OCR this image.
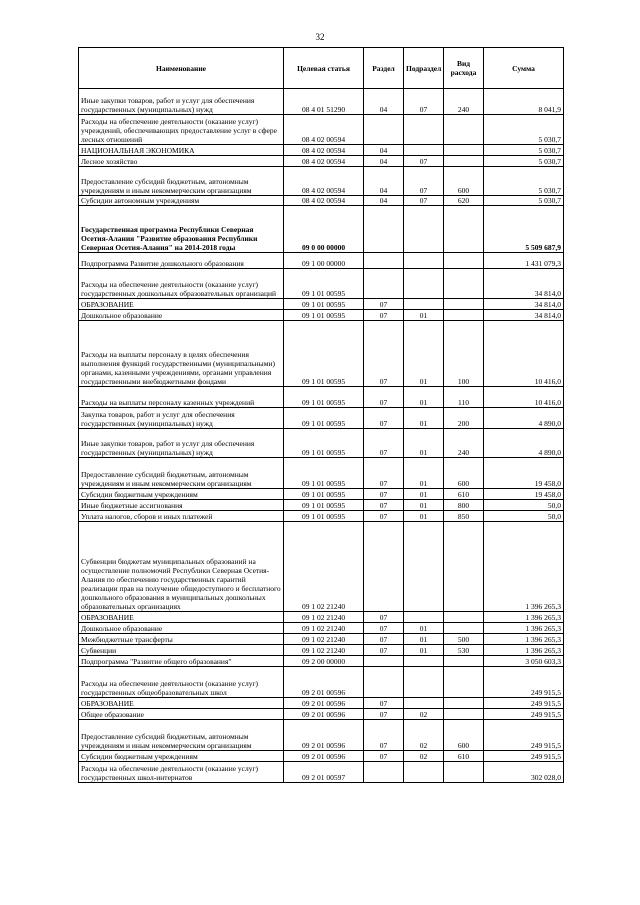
32
Наименование	Целевая статья	Раздел	Подраздел	Вид расхода	Сумма
Иные закупки товаров, работ и услуг для обеспечения государственных (муниципальных) нужд	08 4 01 51290	04	07	240	8 041,9
Расходы на обеспечение деятельности (оказание услуг) учреждений, обеспечивающих предоставление услуг в сфере лесных отношений	08 4 02 00594				5 030,7
НАЦИОНАЛЬНАЯ ЭКОНОМИКА	08 4 02 00594	04			5 030,7
Лесное хозяйство	08 4 02 00594	04	07		5 030,7
Предоставление субсидий бюджетным, автономным учреждениям и иным некоммерческим организациям	08 4 02 00594	04	07	600	5 030,7
Субсидии автономным учреждениям	08 4 02 00594	04	07	620	5 030,7
Государственная программа Республики Северная Осетия-Алания "Развитие образования Республики Северная Осетия-Алания" на 2014-2018 годы	09 0 00 00000				5 509 687,9
Подпрограмма Развитие дошкольного образования	09 1 00 00000				1 431 079,3
Расходы на обеспечение деятельности (оказание услуг) государственных дошкольных образовательных организаций	09 1 01 00595				34 814,0
ОБРАЗОВАНИЕ	09 1 01 00595	07			34 814,0
Дошкольное образование	09 1 01 00595	07	01		34 814,0
Расходы на выплаты персоналу в целях обеспечения выполнения функций государственными (муниципальными) органами, казенными учреждениями, органами управления государственными внебюджетными фондами	09 1 01 00595	07	01	100	10 416,0
Расходы на выплаты персоналу казенных учреждений	09 1 01 00595	07	01	110	10 416,0
Закупка товаров, работ и услуг для обеспечения государственных (муниципальных) нужд	09 1 01 00595	07	01	200	4 890,0
Иные закупки товаров, работ и услуг для обеспечения государственных (муниципальных) нужд	09 1 01 00595	07	01	240	4 890,0
Предоставление субсидий бюджетным, автономным учреждениям и иным некоммерческим организациям	09 1 01 00595	07	01	600	19 458,0
Субсидии бюджетным учреждениям	09 1 01 00595	07	01	610	19 458,0
Иные бюджетные ассигнования	09 1 01 00595	07	01	800	50,0
Уплата налогов, сборов и иных платежей	09 1 01 00595	07	01	850	50,0
Субвенции бюджетам муниципальных образований на осуществление полномочий Республики Северная Осетия-Алания по обеспечению государственных гарантий реализации прав на получение общедоступного и бесплатного дошкольного образования в муниципальных дошкольных образовательных организациях	09 1 02 21240				1 396 265,3
ОБРАЗОВАНИЕ	09 1 02 21240	07			1 396 265,3
Дошкольное образование	09 1 02 21240	07	01		1 396 265,3
Межбюджетные трансферты	09 1 02 21240	07	01	500	1 396 265,3
Субвенции	09 1 02 21240	07	01	530	1 396 265,3
Подпрограмма "Развитие общего образования"	09 2 00 00000				3 050 603,3
Расходы на обеспечение деятельности (оказание услуг) государственных общеобразовательных школ	09 2 01 00596				249 915,5
ОБРАЗОВАНИЕ	09 2 01 00596	07			249 915,5
Общее образование	09 2 01 00596	07	02		249 915,5
Предоставление субсидий бюджетным, автономным учреждениям и иным некоммерческим организациям	09 2 01 00596	07	02	600	249 915,5
Субсидии бюджетным учреждениям	09 2 01 00596	07	02	610	249 915,5
Расходы на обеспечение деятельности (оказание услуг) государственных школ-интернатов	09 2 01 00597				302 028,0
